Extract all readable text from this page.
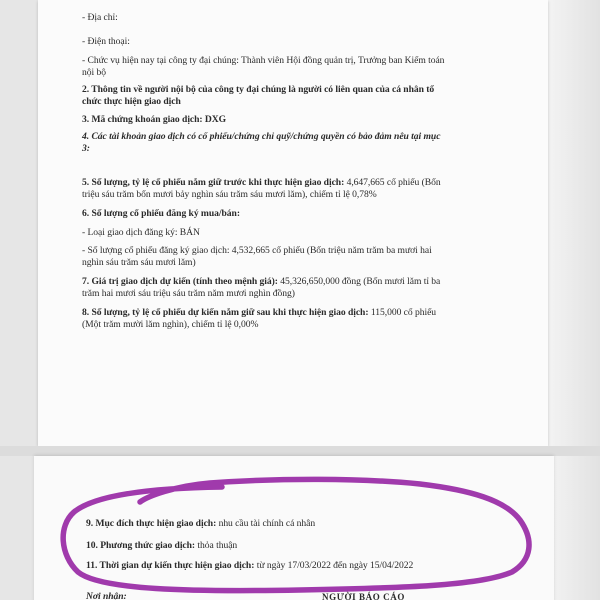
- Địa chỉ:
- Điện thoại:
- Chức vụ hiện nay tại công ty đại chúng: Thành viên Hội đồng quản trị, Trưởng ban Kiểm toán
nội bộ
2. Thông tin về người nội bộ của công ty đại chúng là người có liên quan của cá nhân tổ
chức thực hiện giao dịch
3. Mã chứng khoán giao dịch: DXG
4. Các tài khoản giao dịch có cổ phiếu/chứng chỉ quỹ/chứng quyền có bảo đảm nêu tại mục
3:
5. Số lượng, tỷ lệ cổ phiếu nắm giữ trước khi thực hiện giao dịch: 4,647,665 cổ phiếu (Bốn
triệu sáu trăm bốn mươi bảy nghìn sáu trăm sáu mươi lăm), chiếm tỉ lệ 0,78%
6. Số lượng cổ phiếu đăng ký mua/bán:
- Loại giao dịch đăng ký: BÁN
- Số lượng cổ phiếu đăng ký giao dịch: 4,532,665 cổ phiếu (Bốn triệu năm trăm ba mươi hai
nghìn sáu trăm sáu mươi lăm)
7. Giá trị giao dịch dự kiến (tính theo mệnh giá): 45,326,650,000 đồng (Bốn mươi lăm tỉ ba
trăm hai mươi sáu triệu sáu trăm năm mươi nghìn đồng)
8. Số lượng, tỷ lệ cổ phiếu dự kiến nắm giữ sau khi thực hiện giao dịch: 115,000 cổ phiếu
(Một trăm mười lăm nghìn), chiếm tỉ lệ 0,00%
9. Mục đích thực hiện giao dịch: nhu cầu tài chính cá nhân
10. Phương thức giao dịch: thỏa thuận
11. Thời gian dự kiến thực hiện giao dịch: từ ngày 17/03/2022 đến ngày 15/04/2022
Nơi nhận:	NGƯỜI BÁO CÁO
